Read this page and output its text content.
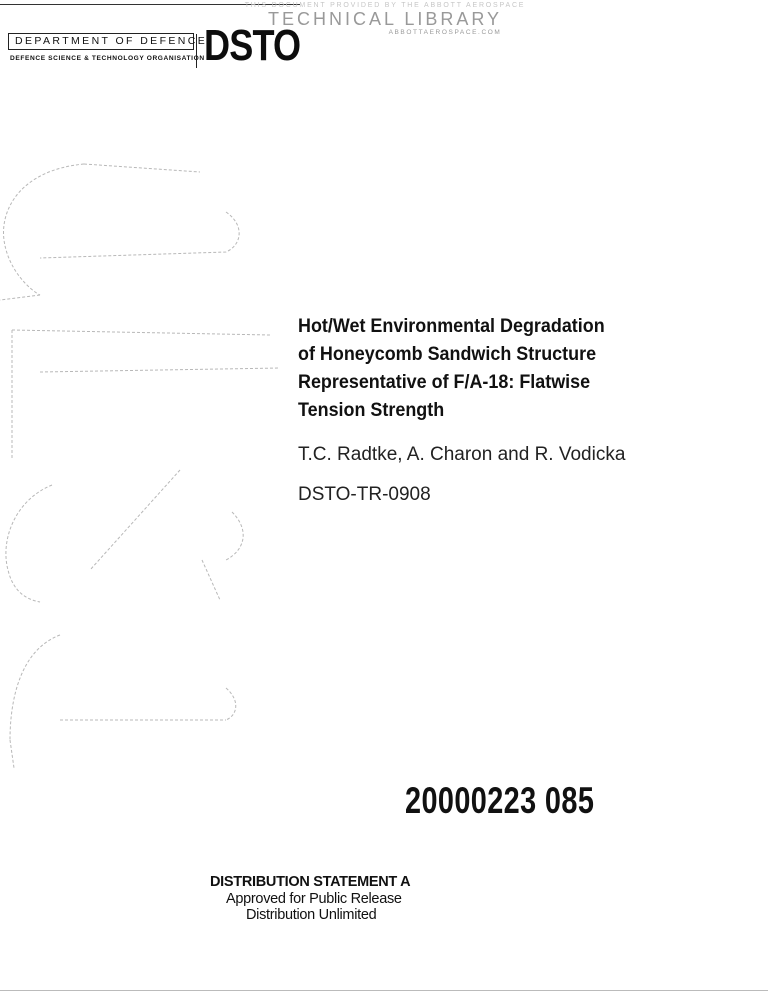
THIS DOCUMENT PROVIDED BY THE ABBOTT AEROSPACE
TECHNICAL LIBRARY
ABBOTTAEROSPACE.COM
DEPARTMENT OF DEFENCE
DEFENCE SCIENCE & TECHNOLOGY ORGANISATION DSTO
Hot/Wet Environmental Degradation
of Honeycomb Sandwich Structure
Representative of F/A-18: Flatwise
Tension Strength
T.C. Radtke, A. Charon and R. Vodicka
DSTO-TR-0908
20000223 085
DISTRIBUTION STATEMENT A
Approved for Public Release
Distribution Unlimited
